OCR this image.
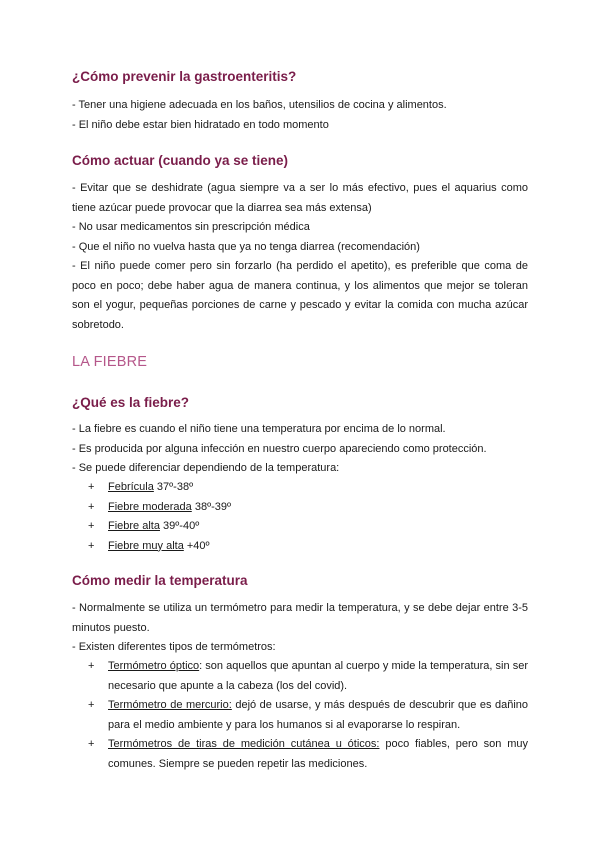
¿Cómo prevenir la gastroenteritis?
- Tener una higiene adecuada en los baños, utensilios de cocina y alimentos.
- El niño debe estar bien hidratado en todo momento
Cómo actuar (cuando ya se tiene)
- Evitar que se deshidrate (agua siempre va a ser lo más efectivo, pues el aquarius como tiene azúcar puede provocar que la diarrea sea más extensa)
- No usar medicamentos sin prescripción médica
- Que el niño no vuelva hasta que ya no tenga diarrea (recomendación)
- El niño puede comer pero sin forzarlo (ha perdido el apetito), es preferible que coma de poco en poco; debe haber agua de manera continua, y los alimentos que mejor se toleran son el yogur, pequeñas porciones de carne y pescado y evitar la comida con mucha azúcar sobretodo.
LA FIEBRE
¿Qué es la fiebre?
- La fiebre es cuando el niño tiene una temperatura por encima de lo normal.
- Es producida por alguna infección en nuestro cuerpo apareciendo como protección.
- Se puede diferenciar dependiendo de la temperatura:
+ Febrícula 37º-38º
+ Fiebre moderada 38º-39º
+ Fiebre alta 39º-40º
+ Fiebre muy alta +40º
Cómo medir la temperatura
- Normalmente se utiliza un termómetro para medir la temperatura, y se debe dejar entre 3-5 minutos puesto.
- Existen diferentes tipos de termómetros:
+ Termómetro óptico: son aquellos que apuntan al cuerpo y mide la temperatura, sin ser necesario que apunte a la cabeza (los del covid).
+ Termómetro de mercurio: dejó de usarse, y más después de descubrir que es dañino para el medio ambiente y para los humanos si al evaporarse lo respiran.
+ Termómetros de tiras de medición cutánea u óticos: poco fiables, pero son muy comunes. Siempre se pueden repetir las mediciones.
